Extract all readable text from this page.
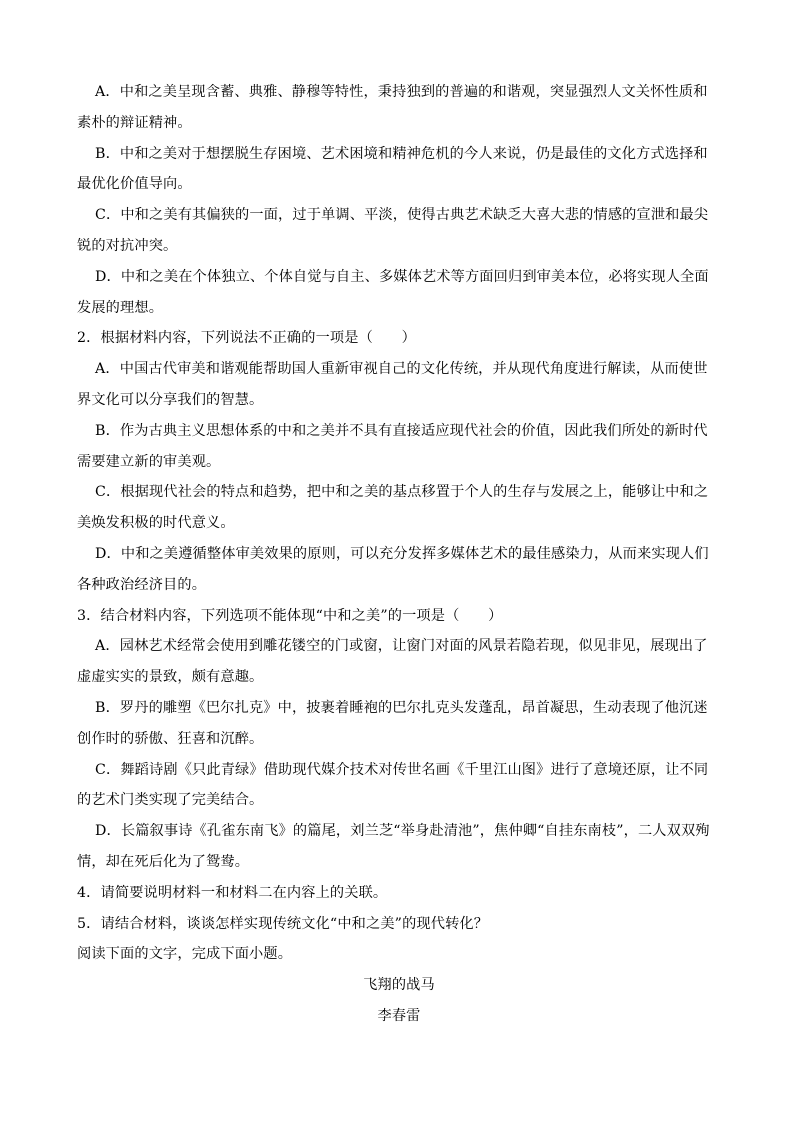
A．中和之美呈现含蓄、典雅、静穆等特性，秉持独到的普遍的和谐观，突显强烈人文关怀性质和
素朴的辩证精神。
B．中和之美对于想摆脱生存困境、艺术困境和精神危机的今人来说，仍是最佳的文化方式选择和
最优化价值导向。
C．中和之美有其偏狭的一面，过于单调、平淡，使得古典艺术缺乏大喜大悲的情感的宣泄和最尖
锐的对抗冲突。
D．中和之美在个体独立、个体自觉与自主、多媒体艺术等方面回归到审美本位，必将实现人全面
发展的理想。
2．根据材料内容，下列说法不正确的一项是（　　）
A．中国古代审美和谐观能帮助国人重新审视自己的文化传统，并从现代角度进行解读，从而使世
界文化可以分享我们的智慧。
B．作为古典主义思想体系的中和之美并不具有直接适应现代社会的价值，因此我们所处的新时代
需要建立新的审美观。
C．根据现代社会的特点和趋势，把中和之美的基点移置于个人的生存与发展之上，能够让中和之
美焕发积极的时代意义。
D．中和之美遵循整体审美效果的原则，可以充分发挥多媒体艺术的最佳感染力，从而来实现人们
各种政治经济目的。
3．结合材料内容，下列选项不能体现“中和之美”的一项是（　　）
A．园林艺术经常会使用到雕花镂空的门或窗，让窗门对面的风景若隐若现，似见非见，展现出了
虚虚实实的景致，颇有意趣。
B．罗丹的雕塑《巴尔扎克》中，披裹着睡袍的巴尔扎克头发蓬乱，昂首凝思，生动表现了他沉迷
创作时的骄傲、狂喜和沉醉。
C．舞蹈诗剧《只此青绿》借助现代媒介技术对传世名画《千里江山图》进行了意境还原，让不同
的艺术门类实现了完美结合。
D．长篇叙事诗《孔雀东南飞》的篇尾，刘兰芝“举身赴清池”，焦仲卿“自挂东南枝”，二人双双殉
情，却在死后化为了鸳鸯。
4．请简要说明材料一和材料二在内容上的关联。
5．请结合材料，谈谈怎样实现传统文化“中和之美”的现代转化？
阅读下面的文字，完成下面小题。
飞翔的战马
李春雷
